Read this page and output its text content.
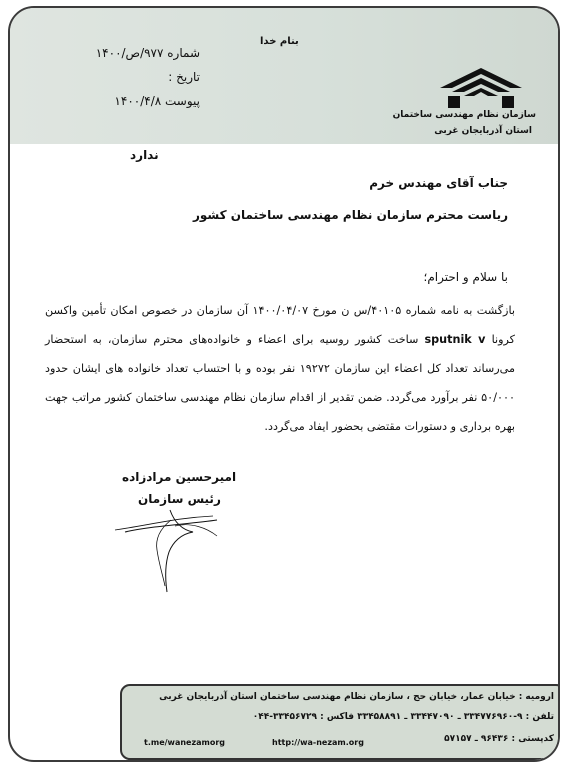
بنام خدا
شماره ۹۷۷/ص/۱۴۰۰
تاریخ :
پیوست ۱۴۰۰/۴/۸
سازمان نظام مهندسی ساختمان
استان آذربایجان غربی
ندارد
جناب آقای مهندس خرم
ریاست محترم سازمان نظام مهندسی ساختمان کشور
با سلام و احترام؛
بازگشت به نامه شماره ۴۰۱۰۵/س ن مورخ ۱۴۰۰/۰۴/۰۷ آن سازمان در خصوص امکان تأمین واکسن کرونا sputnik v ساخت کشور روسیه برای اعضاء و خانواده‌های محترم سازمان، به استحضار می‌رساند تعداد کل اعضاء این سازمان ۱۹۲۷۲ نفر بوده و با احتساب تعداد خانواده های ایشان حدود ۵۰/۰۰۰ نفر برآورد می‌گردد. ضمن تقدیر از اقدام سازمان نظام مهندسی ساختمان کشور مراتب جهت بهره برداری و دستورات مقتضی بحضور ایفاد می‌گردد.
امیرحسین مرادزاده
رئیس سازمان
ارومیه : خیابان عمار، خیابان حج ، سازمان نظام مهندسی ساختمان استان آذربایجان غربی
تلفن : ۹-۳۳۴۷۷۶۹۶۰ ـ ۳۳۴۴۷۰۹۰ ـ ۳۳۴۵۸۸۹۱ فاکس : ۳۳۴۵۶۷۲۹-۰۴۴
کدپستی : ۹۶۴۳۶ ـ ۵۷۱۵۷
http://wa-nezam.org
t.me/wanezamorg
